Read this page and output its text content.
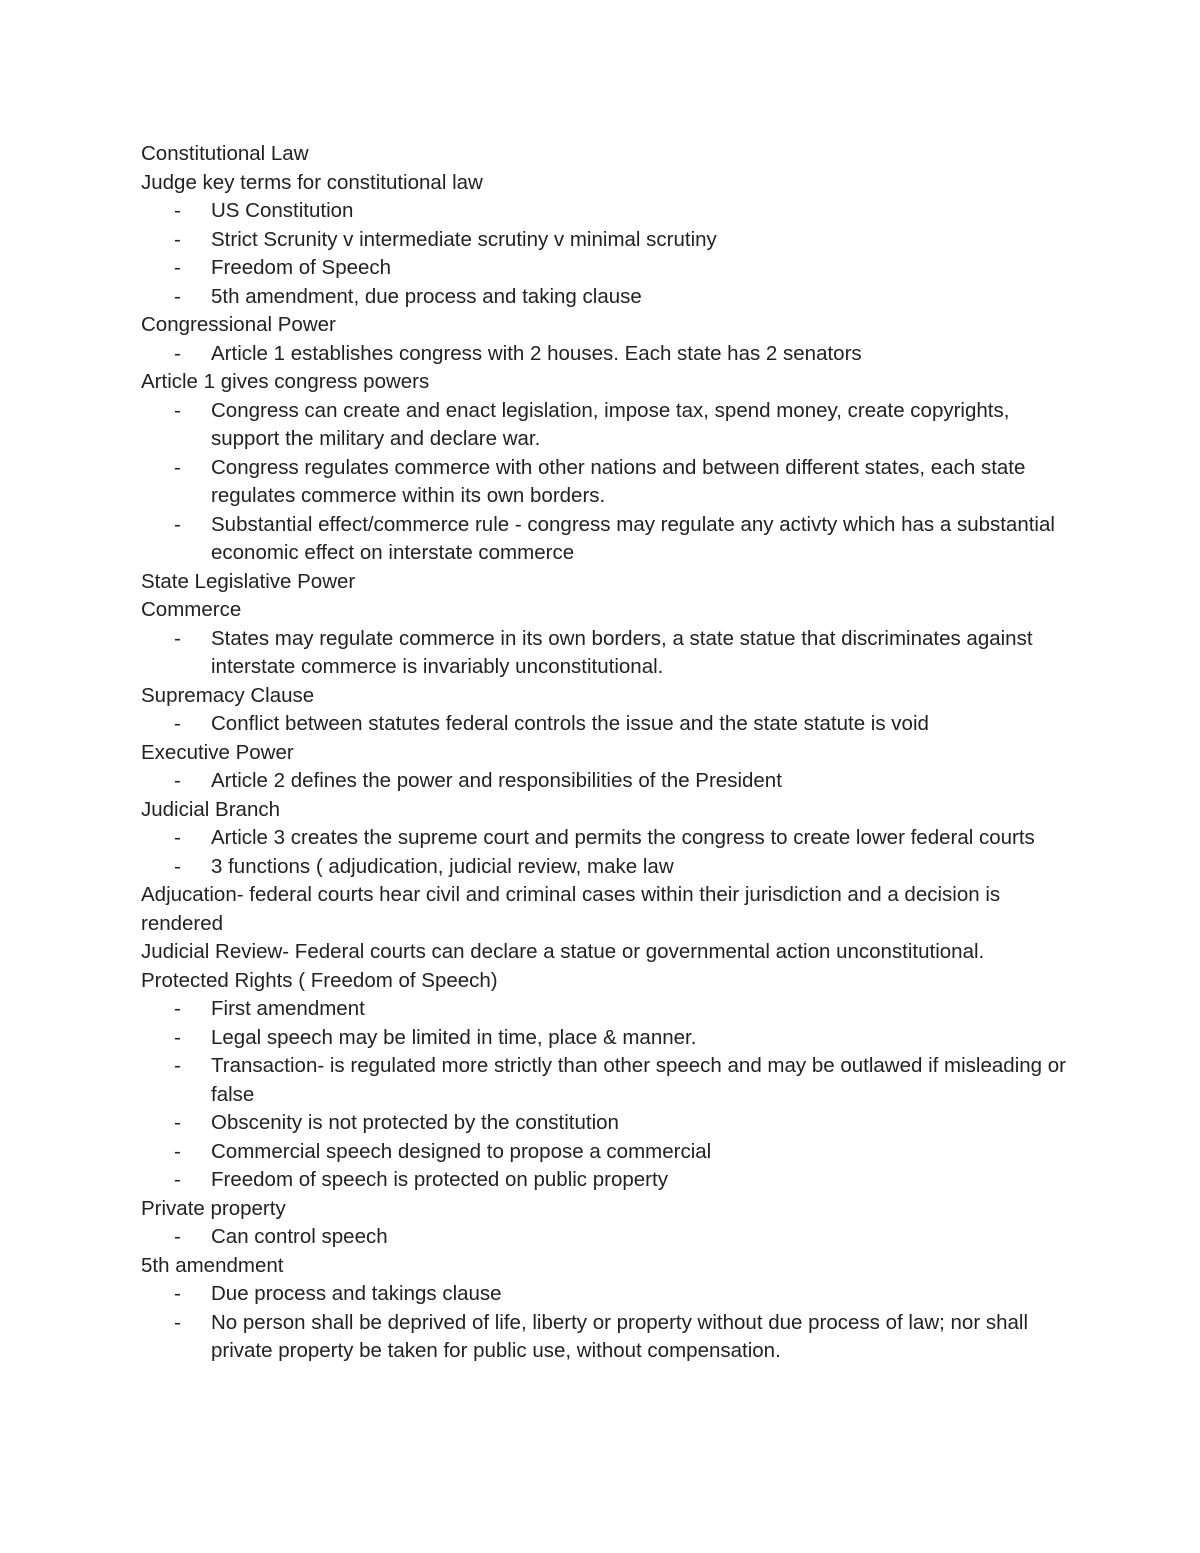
Constitutional Law

Judge key terms for constitutional law

- US Constitution

- Strict Scrunity v intermediate scrutiny v minimal scrutiny

- Freedom of Speech

- 5th amendment, due process and taking clause

Congressional Power

- Article 1 establishes congress with 2 houses. Each state has 2 senators

Article 1 gives congress powers

- Congress can create and enact legislation, impose tax, spend money, create copyrights, support the military and declare war.

- Congress regulates commerce with other nations and between different states, each state regulates commerce within its own borders.

- Substantial effect/commerce rule - congress may regulate any activty which has a substantial economic effect on interstate commerce

State Legislative Power

Commerce

- States may regulate commerce in its own borders, a state statue that discriminates against interstate commerce is invariably unconstitutional.

Supremacy Clause

- Conflict between statutes federal controls the issue and the state statute is void

Executive Power

- Article 2 defines the power and responsibilities of the President

Judicial Branch

- Article 3 creates the supreme court and permits the congress to create lower federal courts

- 3 functions ( adjudication, judicial review, make law

Adjucation- federal courts hear civil and criminal cases within their jurisdiction and a decision is rendered

Judicial Review- Federal courts can declare a statue or governmental action unconstitutional.

Protected Rights ( Freedom of Speech)

- First amendment

- Legal speech may be limited in time, place & manner.

- Transaction- is regulated more strictly than other speech and may be outlawed if misleading or false

- Obscenity is not protected by the constitution

- Commercial speech designed to propose a commercial

- Freedom of speech is protected on public property

Private property

- Can control speech

5th amendment

- Due process and takings clause

- No person shall be deprived of life, liberty or property without due process of law; nor shall private property be taken for public use, without compensation.
